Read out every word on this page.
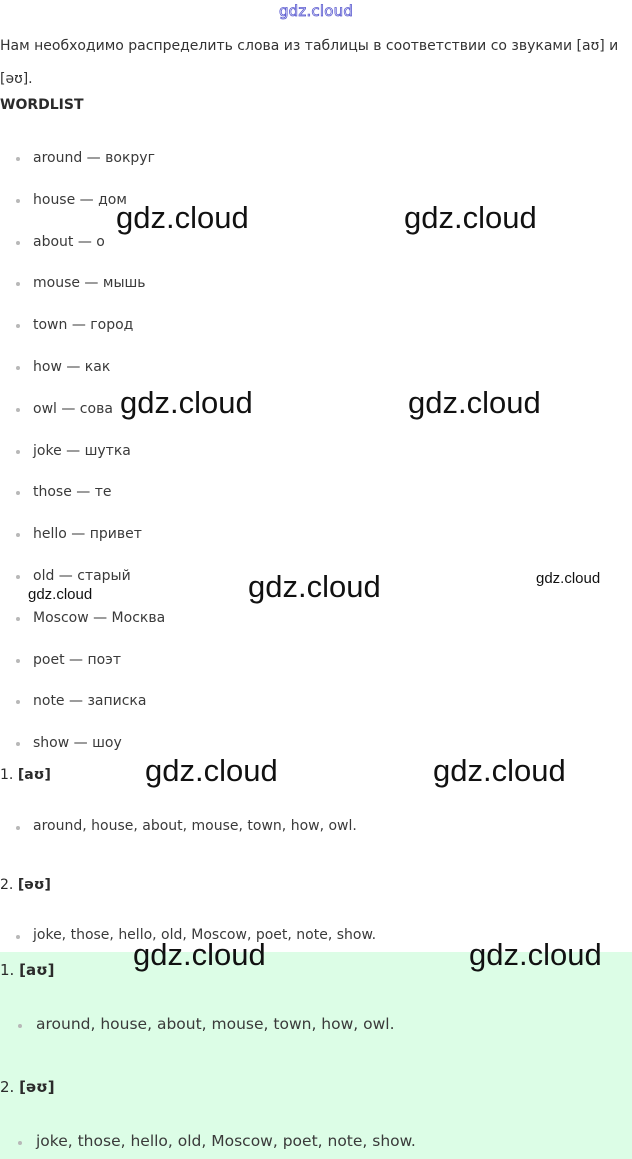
gdz.cloud

Нам необходимо распределить слова из таблицы в соответствии со звуками [aʊ] и [əʊ].

WORDLIST
around — вокруг
house — дом
about — о
mouse — мышь
town — город
how — как
owl — сова
joke — шутка
those — те
hello — привет
old — старый
Moscow — Москва
poet — поэт
note — записка
show — шоу
1. [aʊ]
around, house, about, mouse, town, how, owl.
2. [əʊ]
joke, those, hello, old, Moscow, poet, note, show.
1. [aʊ]
around, house, about, mouse, town, how, owl.
2. [əʊ]
joke, those, hello, old, Moscow, poet, note, show.
gdz.cloud	gdz.cloud
gdz.cloud	gdz.cloud
gdz.cloud	gdz.cloud
gdz.cloud
gdz.cloud	gdz.cloud
gdz.cloud	gdz.cloud
